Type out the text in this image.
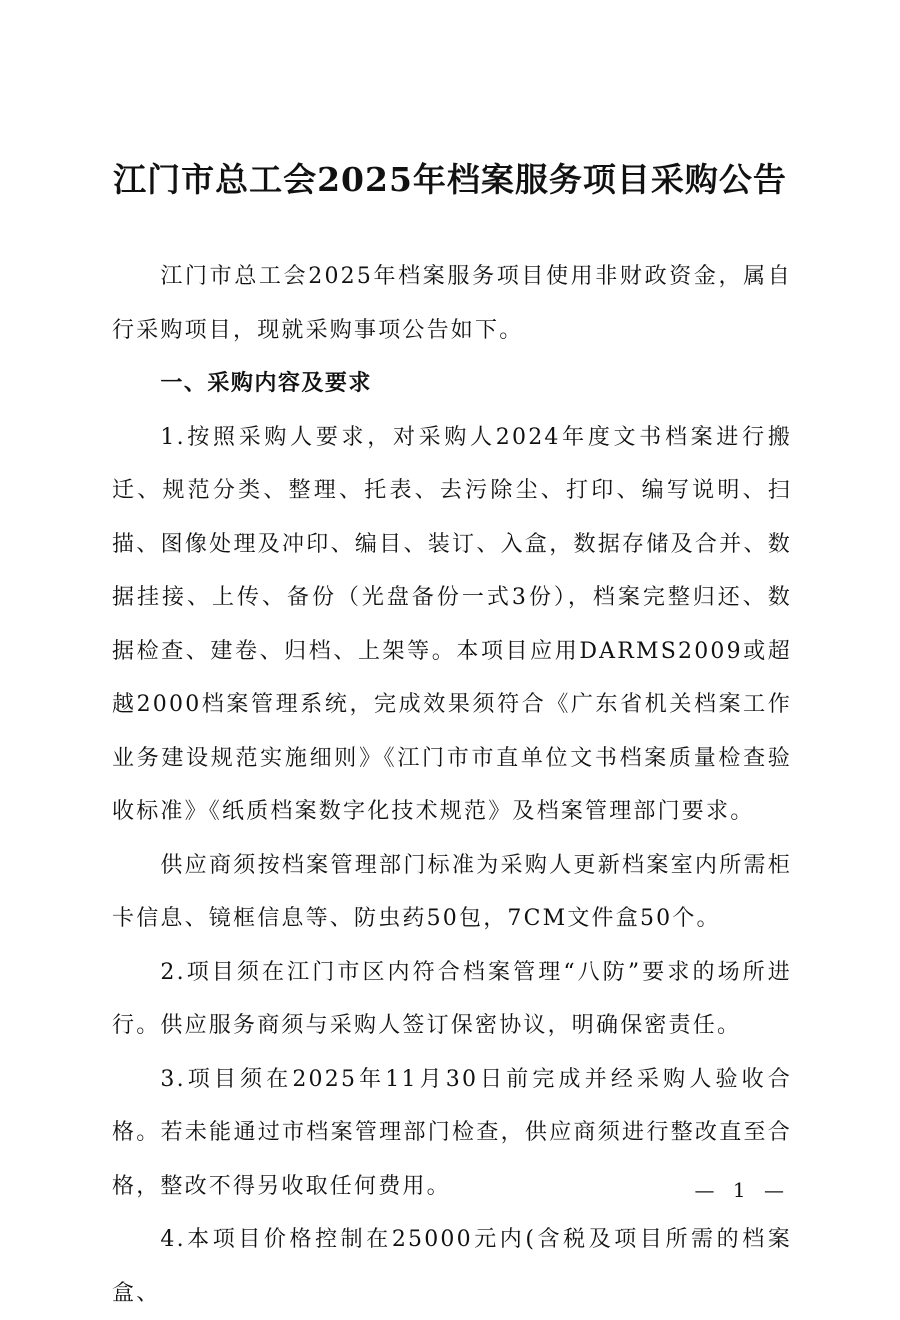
江门市总工会2025年档案服务项目采购公告

江门市总工会2025年档案服务项目使用非财政资金，属自行采购项目，现就采购事项公告如下。

一、采购内容及要求

1.按照采购人要求，对采购人2024年度文书档案进行搬迁、规范分类、整理、托表、去污除尘、打印、编写说明、扫描、图像处理及冲印、编目、装订、入盒，数据存储及合并、数据挂接、上传、备份（光盘备份一式3份），档案完整归还、数据检查、建卷、归档、上架等。本项目应用DARMS2009或超越2000档案管理系统，完成效果须符合《广东省机关档案工作业务建设规范实施细则》《江门市市直单位文书档案质量检查验收标准》《纸质档案数字化技术规范》及档案管理部门要求。

供应商须按档案管理部门标准为采购人更新档案室内所需柜卡信息、镜框信息等、防虫药50包，7CM文件盒50个。

2.项目须在江门市区内符合档案管理“八防”要求的场所进行。供应服务商须与采购人签订保密协议，明确保密责任。

3.项目须在2025年11月30日前完成并经采购人验收合格。若未能通过市档案管理部门检查，供应商须进行整改直至合格，整改不得另收取任何费用。

4.本项目价格控制在25000元内(含税及项目所需的档案盒、

— 1 —
